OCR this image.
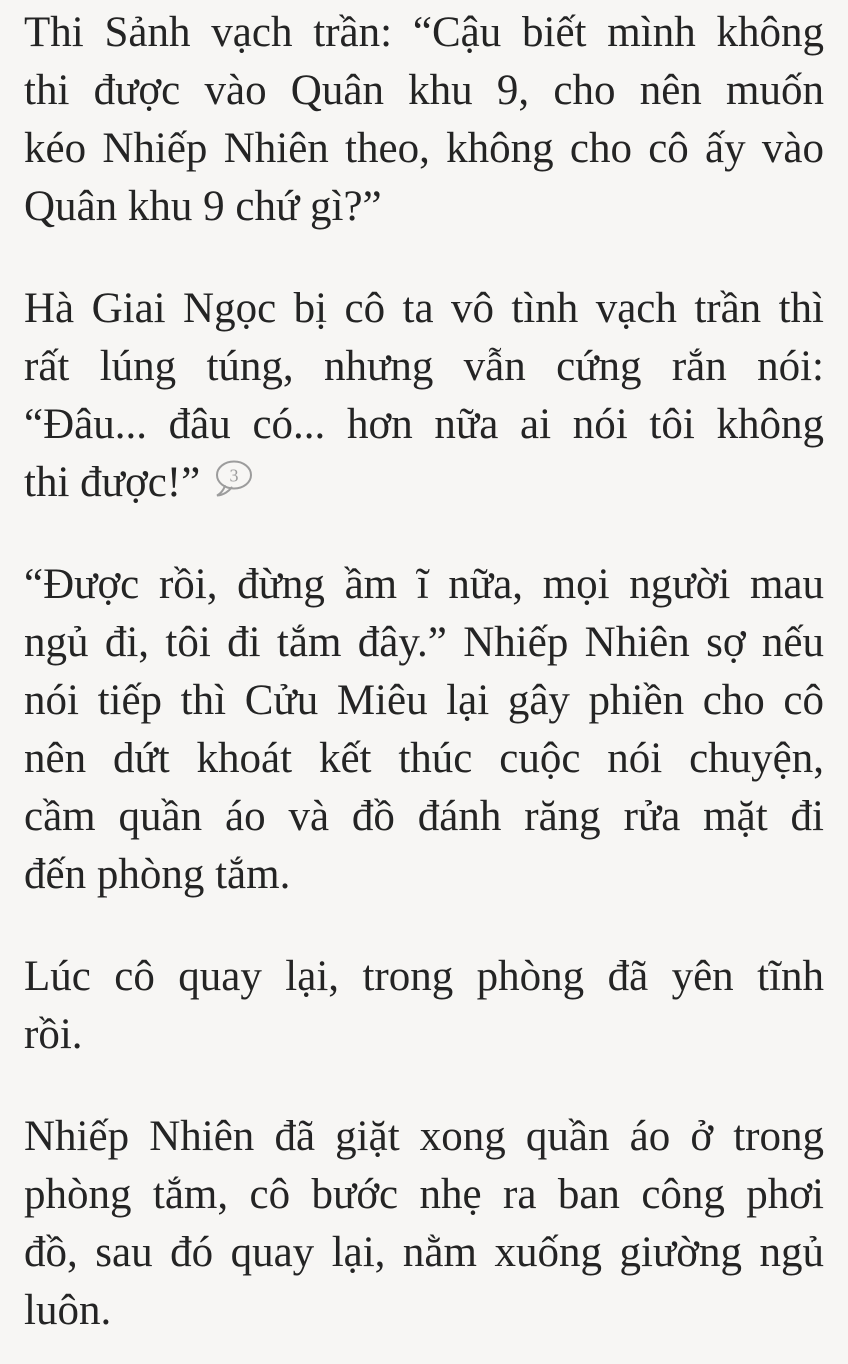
Thi Sảnh vạch trần: “Cậu biết mình không
thi được vào Quân khu 9, cho nên muốn
kéo Nhiếp Nhiên theo, không cho cô ấy vào
Quân khu 9 chứ gì?”

Hà Giai Ngọc bị cô ta vô tình vạch trần thì
rất lúng túng, nhưng vẫn cứng rắn nói:
“Đâu... đâu có... hơn nữa ai nói tôi không
thi được!” 3

“Được rồi, đừng ầm ĩ nữa, mọi người mau
ngủ đi, tôi đi tắm đây.” Nhiếp Nhiên sợ nếu
nói tiếp thì Cửu Miêu lại gây phiền cho cô
nên dứt khoát kết thúc cuộc nói chuyện,
cầm quần áo và đồ đánh răng rửa mặt đi
đến phòng tắm.

Lúc cô quay lại, trong phòng đã yên tĩnh
rồi.

Nhiếp Nhiên đã giặt xong quần áo ở trong
phòng tắm, cô bước nhẹ ra ban công phơi
đồ, sau đó quay lại, nằm xuống giường ngủ
luôn.
